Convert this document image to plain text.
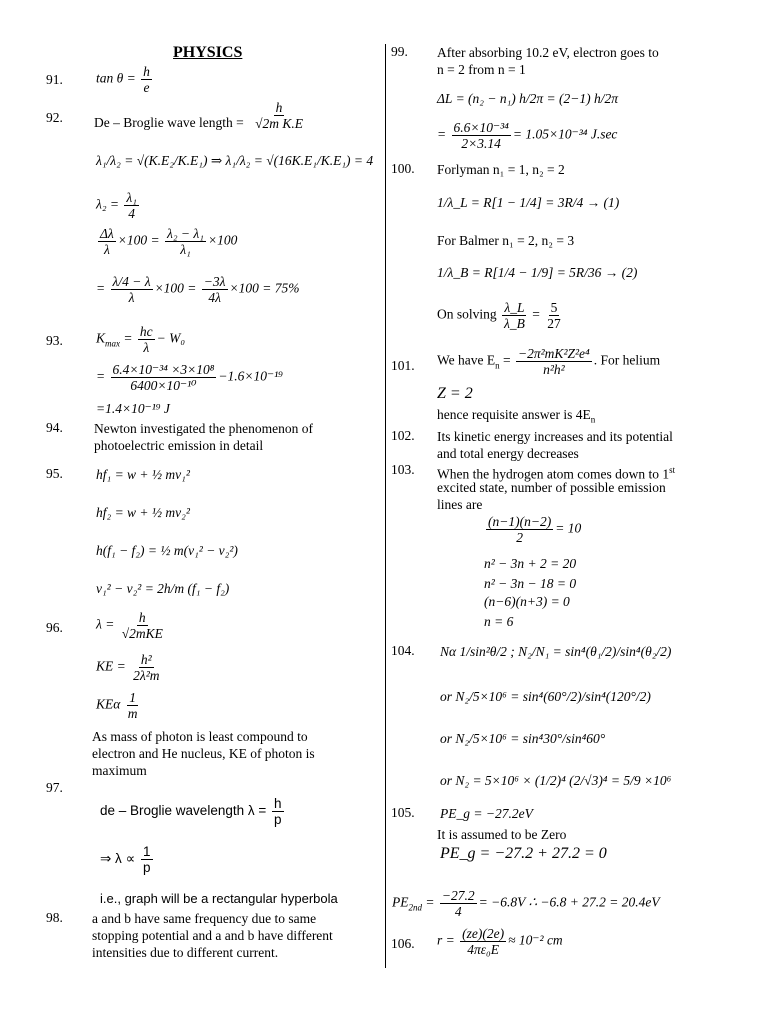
PHYSICS
91. $\tan \theta = \frac{h}{e}$
92. De – Broglie wave length = $\frac{h}{\text{√2m K.E}}$
λ₁/λ₂ = √(K.E₂/K.E₁) ⇒ λ₁/λ₂ = √(16K.E₁/K.E₁) = 4
$\lambda_2 = \frac{\text{λ₁}}{4}$
$\frac{\Delta\lambda}{\lambda} \times 100 = \frac{\text{λ₂ − λ₁}}{\text{λ₁}} \times 100$
= $\frac{\lambda/4 - \lambda}{\lambda} \times 100 = \frac{-3\lambda}{4\lambda} \times 100 = 75\%$
93. $K_{max} = \frac{hc}{\lambda} - W_0$
= $\frac{\text{6.4×10⁻³⁴ ×3×10⁸}}{\text{6400×10⁻¹⁰}} -1.6\times 10^{-19}$
=1.4×10⁻¹⁹ J
94. Newton investigated the phenomenon of
photoelectric emission in detail
95. hf₁ = w + ½ mv₁²
hf₂ = w + ½ mv₂²
h(f₁ − f₂) = ½ m(v₁² − v₂²)
v₁² − v₂² = 2h/m (f₁ − f₂)
96. $\lambda = \frac{h}{\text{√2mKE}}$
KE = $\frac{\text{h²}}{\text{2λ²m}}$
KEα $\frac{1}{m}$
As mass of photon is least compound to
electron and He nucleus, KE of photon is
maximum
97.
de – Broglie wavelength $\lambda = \frac{h}{p}$
⇒ $\lambda \propto \frac{1}{p}$
i.e., graph will be a rectangular hyperbola
98. a and b have same frequency due to same
stopping potential and a and b have different
intensities due to different current.
99. After absorbing 10.2 eV, electron goes to
n = 2 from n = 1
ΔL = (n₂ − n₁) h/2π = (2−1) h/2π
= $\frac{\text{6.6×10⁻³⁴}}{2\times 3.14} = 1.05\times 10^{-34}$ J.sec
100. Forlyman n₁ = 1, n₂ = 2
1/λ_L = R[1 − 1/4] = 3R/4 → (1)
For Balmer n₁ = 2, n₂ = 3
1/λ_B = R[1/4 − 1/9] = 5R/36 → (2)
On solving $\frac{\lambda\_L}{\lambda\_B} = \frac{5}{27}$
101. We have $E_n = \frac{\text{−2π²mK²Z²e⁴}}{\text{n²h²}}$ . For helium
Z = 2
hence requisite answer is $4E_n$
102. Its kinetic energy increases and its potential
and total energy decreases
103. When the hydrogen atom comes down to 1st
excited state, number of possible emission
lines are
$\frac{(n-1)(n-2)}{2} = 10$
n² − 3n + 2 = 20
n² − 3n − 18 = 0
(n−6)(n+3) = 0
n = 6
104. Nα 1/sin²θ/2 ; N₂/N₁ = sin⁴(θ₁/2)/sin⁴(θ₂/2)
or N₂/5×10⁶ = sin⁴(60°/2)/sin⁴(120°/2)
or N₂/5×10⁶ = sin⁴30°/sin⁴60°
or N₂ = 5×10⁶ × (1/2)⁴ (2/√3)⁴ = 5/9 ×10⁶
105. PE_g = −27.2eV
It is assumed to be Zero
PE_g = −27.2 + 27.2 = 0
$PE_{2nd} = \frac{-27.2}{4} = -6.8V$ ∴ −6.8 + 27.2 = 20.4eV
106. $r = \frac{(ze)(2e)}{\text{4πε₀E}} \approx 10^{-2}$ cm
